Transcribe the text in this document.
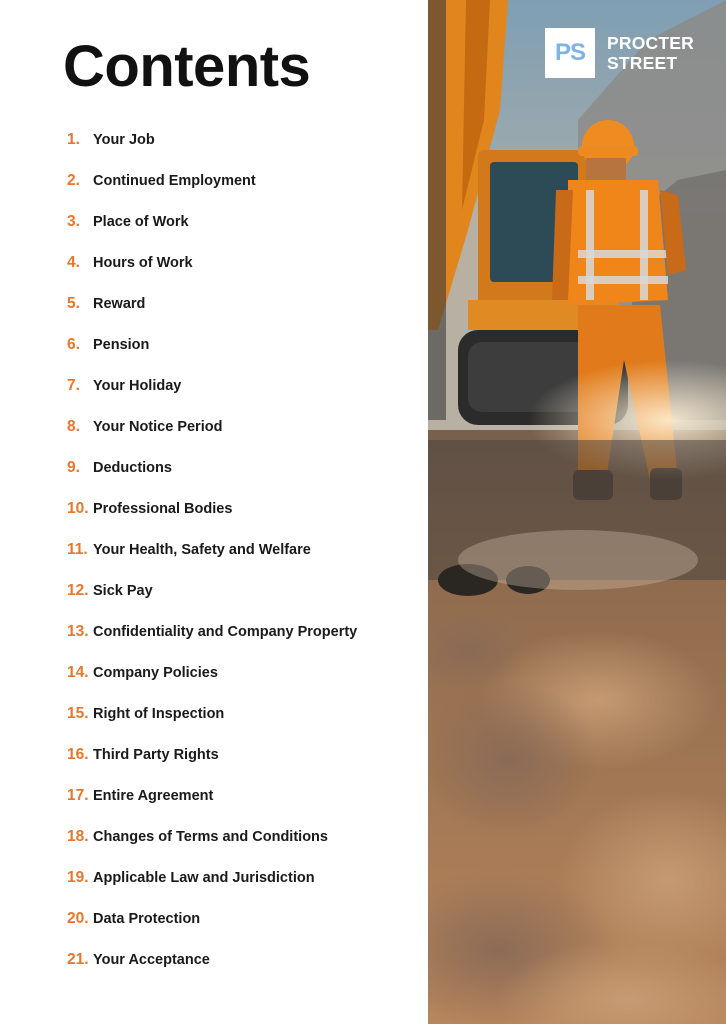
Contents
1. Your Job
2. Continued Employment
3. Place of Work
4. Hours of Work
5. Reward
6. Pension
7. Your Holiday
8. Your Notice Period
9. Deductions
10. Professional Bodies
11. Your Health, Safety and Welfare
12. Sick Pay
13. Confidentiality and Company Property
14. Company Policies
15. Right of Inspection
16. Third Party Rights
17. Entire Agreement
18. Changes of Terms and Conditions
19. Applicable Law and Jurisdiction
20. Data Protection
21. Your Acceptance
PS	PROCTER
STREET
